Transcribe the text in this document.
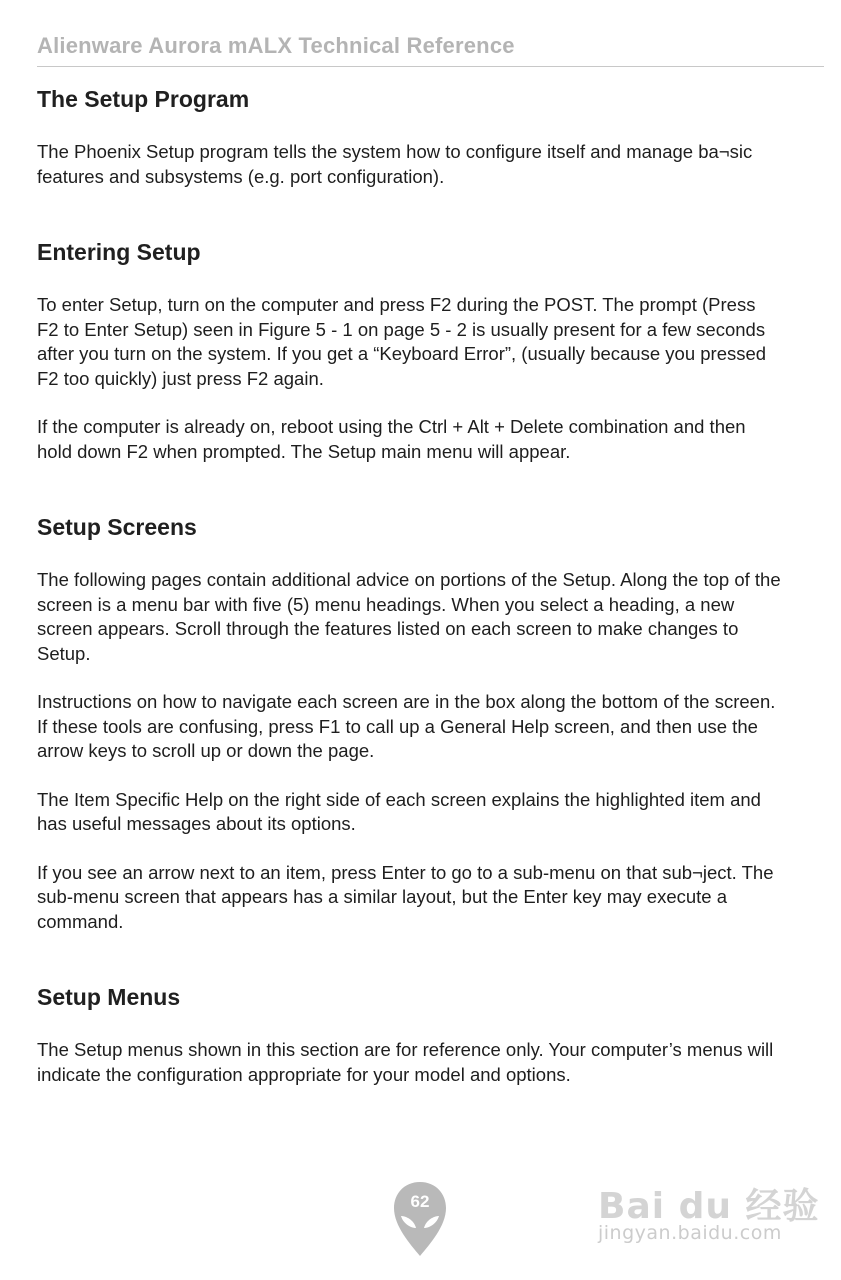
Alienware Aurora mALX Technical Reference
The Setup Program

The Phoenix Setup program tells the system how to configure itself and manage ba¬sic features and subsystems (e.g. port configuration).

Entering Setup

To enter Setup, turn on the computer and press F2 during the POST. The prompt (Press F2 to Enter Setup) seen in Figure 5 - 1 on page 5 - 2 is usually present for a few seconds after you turn on the system. If you get a “Keyboard Error”, (usually because you pressed F2 too quickly) just press F2 again.

If the computer is already on, reboot using the Ctrl + Alt + Delete combination and then hold down F2 when prompted. The Setup main menu will appear.

Setup Screens

The following pages contain additional advice on portions of the Setup. Along the top of the screen is a menu bar with five (5) menu headings. When you select a heading, a new screen appears. Scroll through the features listed on each screen to make changes to Setup.

Instructions on how to navigate each screen are in the box along the bottom of the screen. If these tools are confusing, press F1 to call up a General Help screen, and then use the arrow keys to scroll up or down the page.

The Item Specific Help on the right side of each screen explains the highlighted item and has useful messages about its options.

If you see an arrow next to an item, press Enter to go to a sub-menu on that sub¬ject. The sub-menu screen that appears has a similar layout, but the Enter key may execute a command.

Setup Menus

The Setup menus shown in this section are for reference only. Your computer’s menus will indicate the configuration appropriate for your model and options.

62	Bai du 经验
jingyan.baidu.com
